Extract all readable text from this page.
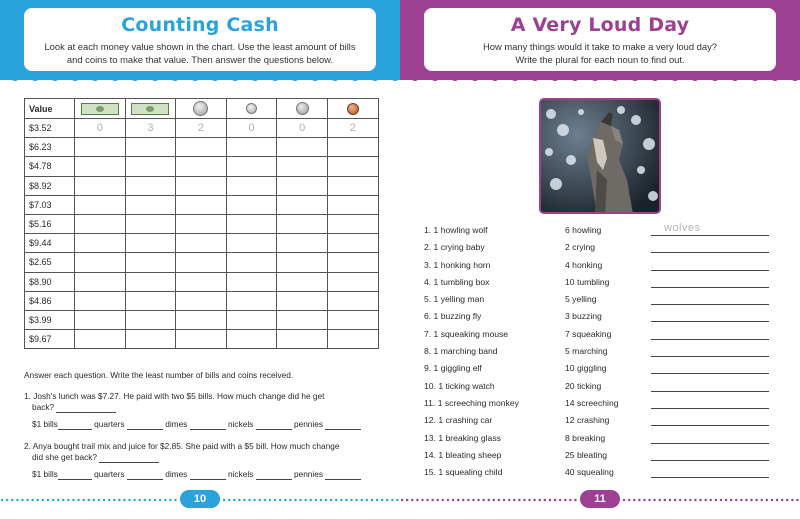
Counting Cash
Look at each money value shown in the chart. Use the least amount of bills and coins to make that value. Then answer the questions below.
Value						
$3.52	0	3	2	0	0	2
$6.23						
$4.78						
$8.92						
$7.03						
$5.16						
$9.44						
$2.65						
$8.90						
$4.86						
$3.99						
$9.67						
Answer each question. Write the least number of bills and coins received.
1. Josh's lunch was $7.27. He paid with two $5 bills. How much change did he get
back?
$1 bills	quarters	dimes	nickels	pennies
2. Anya bought trail mix and juice for $2.85. She paid with a $5 bill. How much change
did she get back?
$1 bills	quarters	dimes	nickels	pennies
10
A Very Loud Day
How many things would it take to make a very loud day?
Write the plural for each noun to find out.
1. 1 howling wolf	6 howling	wolves
2. 1 crying baby	2 crying
3. 1 honking horn	4 honking
4. 1 tumbling box	10 tumbling
5. 1 yelling man	5 yelling
6. 1 buzzing fly	3 buzzing
7. 1 squeaking mouse	7 squeaking
8. 1 marching band	5 marching
9. 1 giggling elf	10 giggling
10. 1 ticking watch	20 ticking
11. 1 screeching monkey	14 screeching
12. 1 crashing car	12 crashing
13. 1 breaking glass	8 breaking
14. 1 bleating sheep	25 bleating
15. 1 squealing child	40 squealing
11
